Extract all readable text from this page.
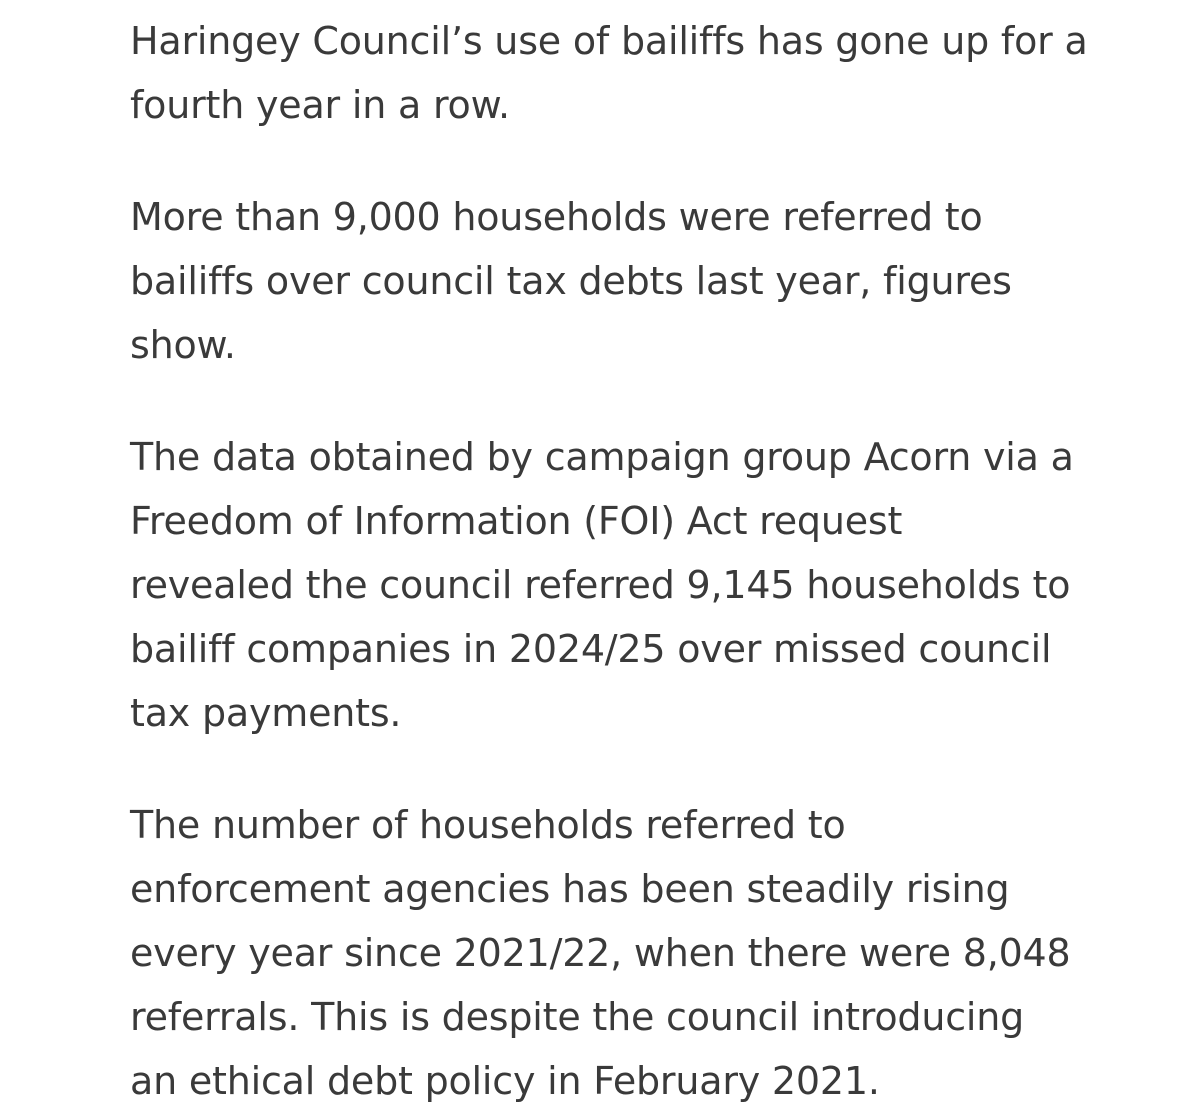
Haringey Council’s use of bailiffs has gone up for a
fourth year in a row.

More than 9,000 households were referred to
bailiffs over council tax debts last year, figures
show.

The data obtained by campaign group Acorn via a
Freedom of Information (FOI) Act request
revealed the council referred 9,145 households to
bailiff companies in 2024/25 over missed council
tax payments.

The number of households referred to
enforcement agencies has been steadily rising
every year since 2021/22, when there were 8,048
referrals. This is despite the council introducing
an ethical debt policy in February 2021.
